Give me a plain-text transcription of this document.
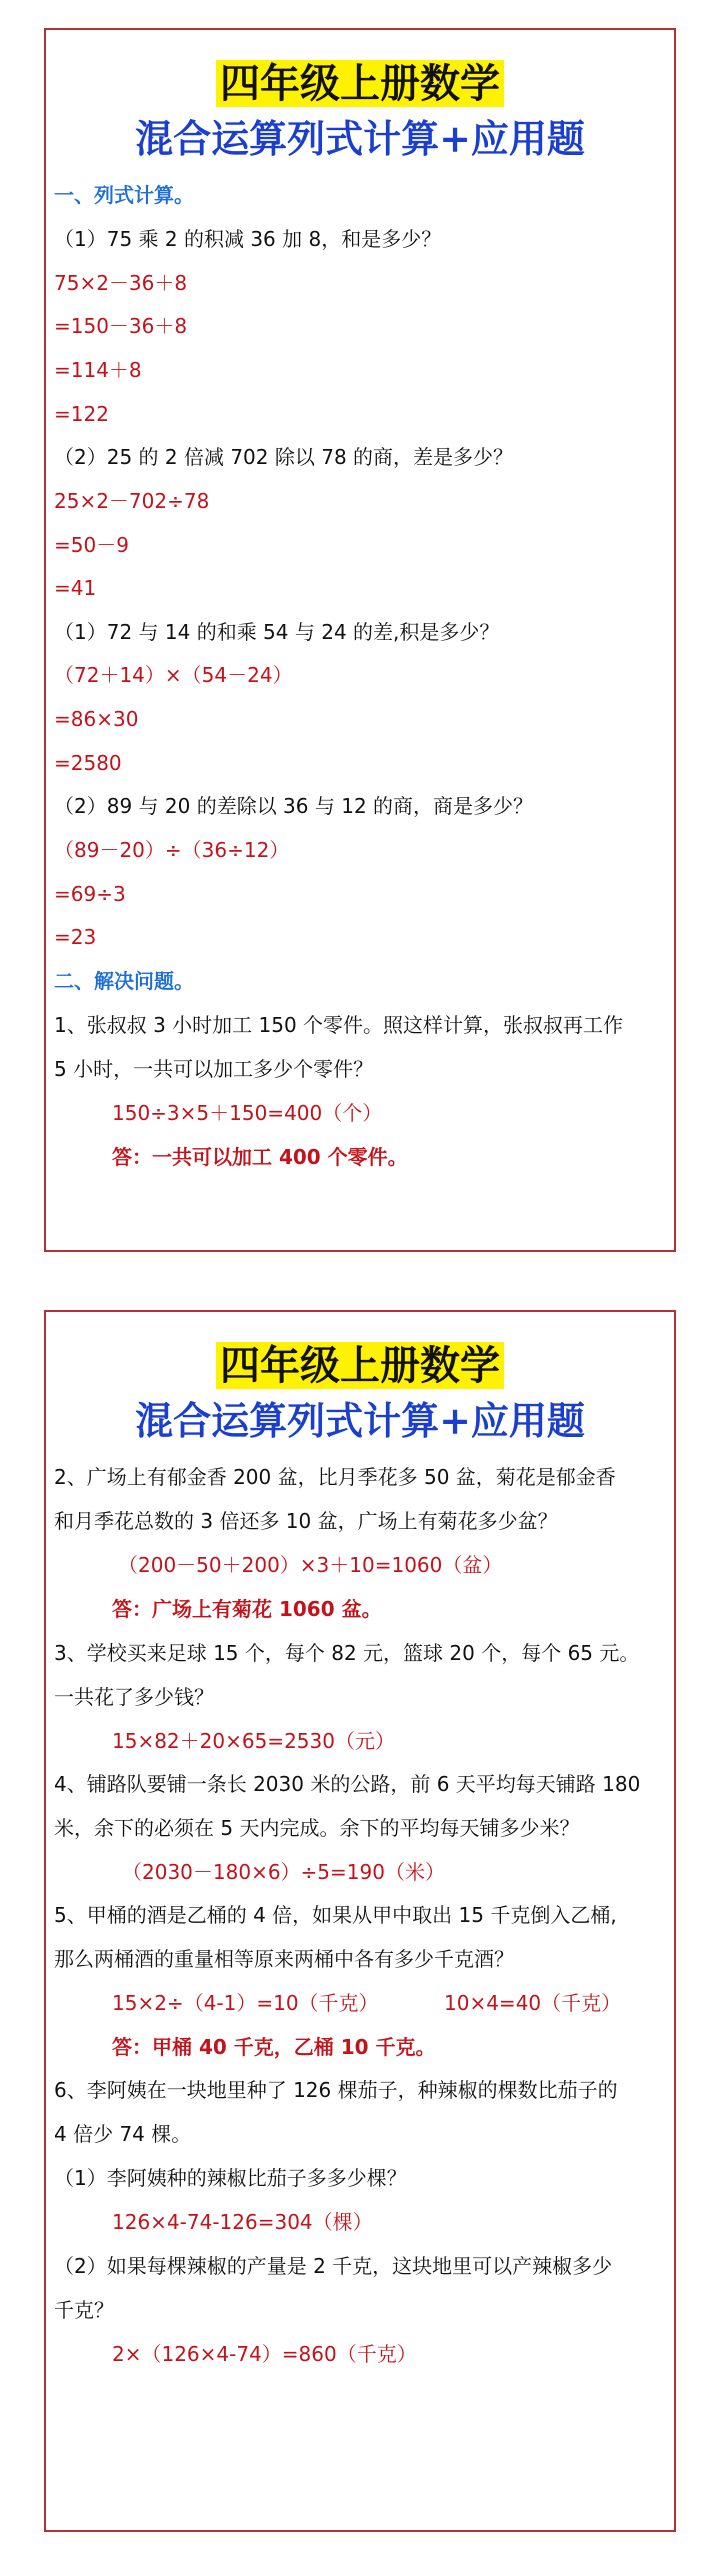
四年级上册数学
混合运算列式计算+应用题
一、列式计算。
（1）75 乘 2 的积减 36 加 8，和是多少？
75×2－36＋8
=150－36＋8
=114＋8
=122
（2）25 的 2 倍减 702 除以 78 的商，差是多少？
25×2－702÷78
=50－9
=41
（1）72 与 14 的和乘 54 与 24 的差,积是多少？
（72＋14）×（54－24）
=86×30
=2580
（2）89 与 20 的差除以 36 与 12 的商，商是多少？
（89－20）÷（36÷12）
=69÷3
=23
二、解决问题。
1、张叔叔 3 小时加工 150 个零件。照这样计算，张叔叔再工作
5 小时，一共可以加工多少个零件？
150÷3×5＋150=400（个）
答：一共可以加工 400 个零件。
四年级上册数学
混合运算列式计算+应用题
2、广场上有郁金香 200 盆，比月季花多 50 盆，菊花是郁金香
和月季花总数的 3 倍还多 10 盆，广场上有菊花多少盆？
（200－50＋200）×3＋10=1060（盆）
答：广场上有菊花 1060 盆。
3、学校买来足球 15 个，每个 82 元，篮球 20 个，每个 65 元。
一共花了多少钱？
15×82＋20×65=2530（元）
4、铺路队要铺一条长 2030 米的公路，前 6 天平均每天铺路 180
米，余下的必须在 5 天内完成。余下的平均每天铺多少米？
（2030－180×6）÷5=190（米）
5、甲桶的酒是乙桶的 4 倍，如果从甲中取出 15 千克倒入乙桶,
那么两桶酒的重量相等原来两桶中各有多少千克酒？
15×2÷（4-1）=10（千克）	10×4=40（千克）
答：甲桶 40 千克，乙桶 10 千克。
6、李阿姨在一块地里种了 126 棵茄子，种辣椒的棵数比茄子的
4 倍少 74 棵。
（1）李阿姨种的辣椒比茄子多多少棵？
126×4-74-126=304（棵）
（2）如果每棵辣椒的产量是 2 千克，这块地里可以产辣椒多少
千克？
2×（126×4-74）=860（千克）
